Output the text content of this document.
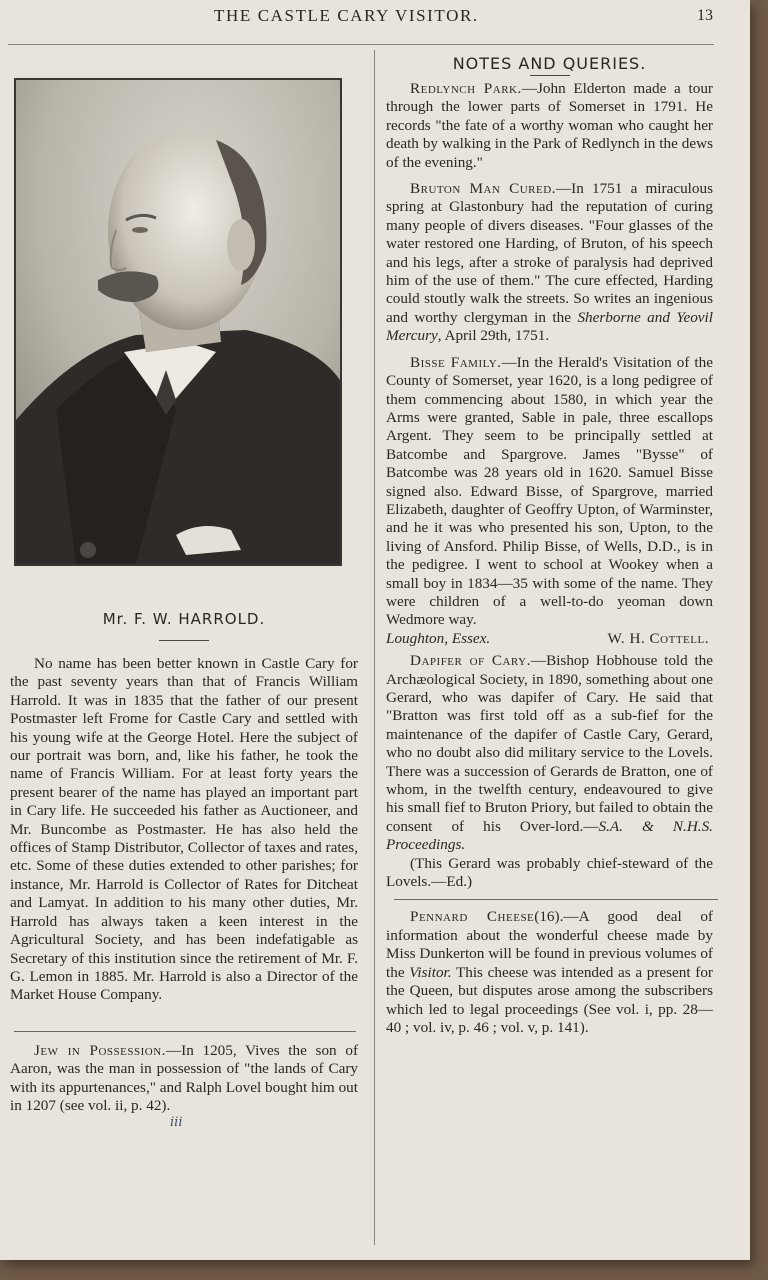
THE CASTLE CARY VISITOR.	13
Mr. F. W. HARROLD.

No name has been better known in Castle Cary for the past seventy years than that of Francis William Harrold. It was in 1835 that the father of our present Postmaster left Frome for Castle Cary and settled with his young wife at the George Hotel. Here the subject of our portrait was born, and, like his father, he took the name of Francis William. For at least forty years the present bearer of the name has played an important part in Cary life. He succeeded his father as Auctioneer, and Mr. Buncombe as Postmaster. He has also held the offices of Stamp Distributor, Collector of taxes and rates, etc. Some of these duties extended to other parishes; for instance, Mr. Harrold is Collector of Rates for Ditcheat and Lamyat. In addition to his many other duties, Mr. Harrold has always taken a keen interest in the Agricultural Society, and has been indefatigable as Secretary of this institution since the retirement of Mr. F. G. Lemon in 1885. Mr. Harrold is also a Director of the Market House Company.

Jew in Possession.—In 1205, Vives the son of Aaron, was the man in possession of "the lands of Cary with its appurtenances," and Ralph Lovel bought him out in 1207 (see vol. ii, p. 42).

iii
NOTES AND QUERIES.

Redlynch Park.—John Elderton made a tour through the lower parts of Somerset in 1791. He records "the fate of a worthy woman who caught her death by walking in the Park of Redlynch in the dews of the evening."

Bruton Man Cured.—In 1751 a miraculous spring at Glastonbury had the reputation of curing many people of divers diseases. "Four glasses of the water restored one Harding, of Bruton, of his speech and his legs, after a stroke of paralysis had deprived him of the use of them." The cure effected, Harding could stoutly walk the streets. So writes an ingenious and worthy clergyman in the Sherborne and Yeovil Mercury, April 29th, 1751.

Bisse Family.—In the Herald's Visitation of the County of Somerset, year 1620, is a long pedigree of them commencing about 1580, in which year the Arms were granted, Sable in pale, three escallops Argent. They seem to be principally settled at Batcombe and Spargrove. James "Bysse" of Batcombe was 28 years old in 1620. Samuel Bisse signed also. Edward Bisse, of Spargrove, married Elizabeth, daughter of Geoffry Upton, of Warminster, and he it was who presented his son, Upton, to the living of Ansford. Philip Bisse, of Wells, D.D., is in the pedigree. I went to school at Wookey when a small boy in 1834—35 with some of the name. They were children of a well-to-do yeoman down Wedmore way.

Loughton, Essex.	W. H. Cottell.

Dapifer of Cary.—Bishop Hobhouse told the Archæological Society, in 1890, something about one Gerard, who was dapifer of Cary. He said that "Bratton was first told off as a sub-fief for the maintenance of the dapifer of Castle Cary, Gerard, who no doubt also did military service to the Lovels. There was a succession of Gerards de Bratton, one of whom, in the twelfth century, endeavoured to give his small fief to Bruton Priory, but failed to obtain the consent of his Over-lord.—S.A. & N.H.S. Proceedings.

(This Gerard was probably chief-steward of the Lovels.—Ed.)

Pennard Cheese(16).—A good deal of information about the wonderful cheese made by Miss Dunkerton will be found in previous volumes of the Visitor. This cheese was intended as a present for the Queen, but disputes arose among the subscribers which led to legal proceedings (See vol. i, pp. 28—40 ; vol. iv, p. 46 ; vol. v, p. 141).
